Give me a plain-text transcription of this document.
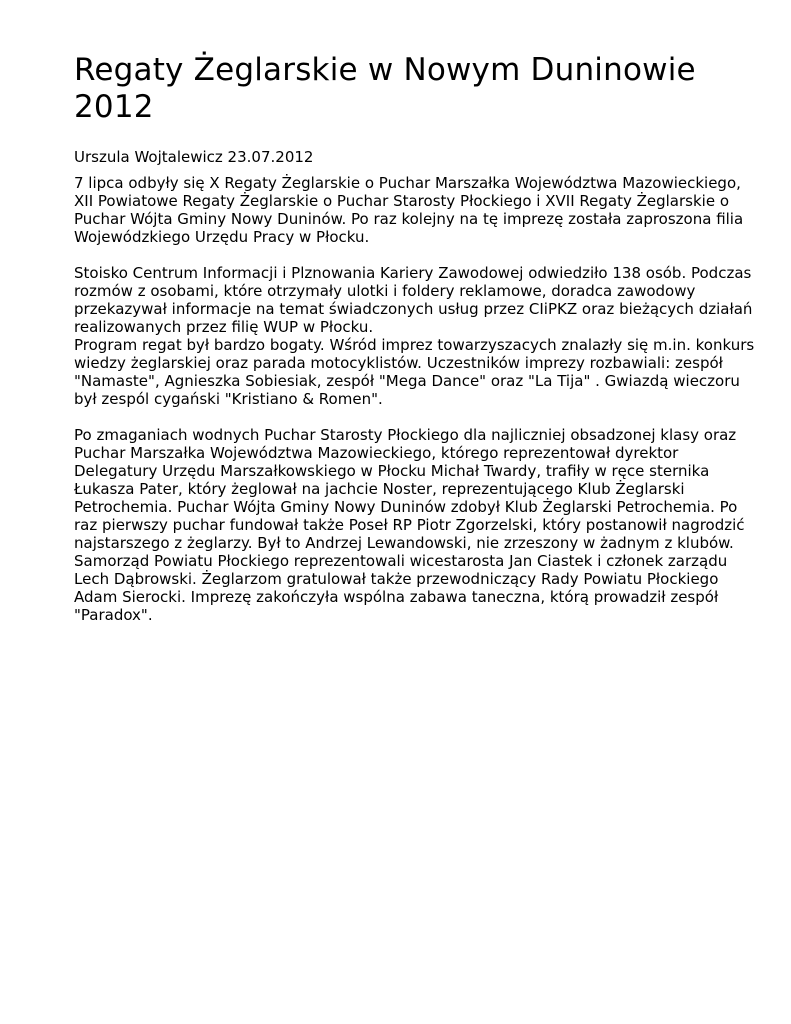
Regaty Żeglarskie w Nowym Duninowie 2012

Urszula Wojtalewicz 23.07.2012

7 lipca odbyły się X Regaty Żeglarskie o Puchar Marszałka Województwa Mazowieckiego, XII Powiatowe Regaty Żeglarskie o Puchar Starosty Płockiego i XVII Regaty Żeglarskie o Puchar Wójta Gminy Nowy Duninów. Po raz kolejny na tę imprezę została zaproszona filia Wojewódzkiego Urzędu Pracy w Płocku.

Stoisko Centrum Informacji i Plznowania Kariery Zawodowej odwiedziło 138 osób. Podczas rozmów z osobami, które otrzymały ulotki i foldery reklamowe, doradca zawodowy przekazywał informacje na temat świadczonych usług przez CIiPKZ oraz bieżących działań realizowanych przez filię WUP w Płocku.

Program regat był bardzo bogaty. Wśród imprez towarzyszacych znalazły się m.in. konkurs wiedzy żeglarskiej oraz parada motocyklistów. Uczestników imprezy rozbawiali: zespół "Namaste", Agnieszka Sobiesiak, zespół "Mega Dance" oraz "La Tija" . Gwiazdą wieczoru był zespól cygański "Kristiano & Romen".

Po zmaganiach wodnych Puchar Starosty Płockiego dla najliczniej obsadzonej klasy oraz Puchar Marszałka Województwa Mazowieckiego, którego reprezentował dyrektor Delegatury Urzędu Marszałkowskiego w Płocku Michał Twardy, trafiły w ręce sternika Łukasza Pater, który żeglował na jachcie Noster, reprezentującego Klub Żeglarski Petrochemia. Puchar Wójta Gminy Nowy Duninów zdobył Klub Żeglarski Petrochemia. Po raz pierwszy puchar fundował także Poseł RP Piotr Zgorzelski, który postanowił nagrodzić najstarszego z żeglarzy. Był to Andrzej Lewandowski, nie zrzeszony w żadnym z klubów. Samorząd Powiatu Płockiego reprezentowali wicestarosta Jan Ciastek i członek zarządu Lech Dąbrowski. Żeglarzom gratulował także przewodniczący Rady Powiatu Płockiego Adam Sierocki. Imprezę zakończyła wspólna zabawa taneczna, którą prowadził zespół "Paradox".
